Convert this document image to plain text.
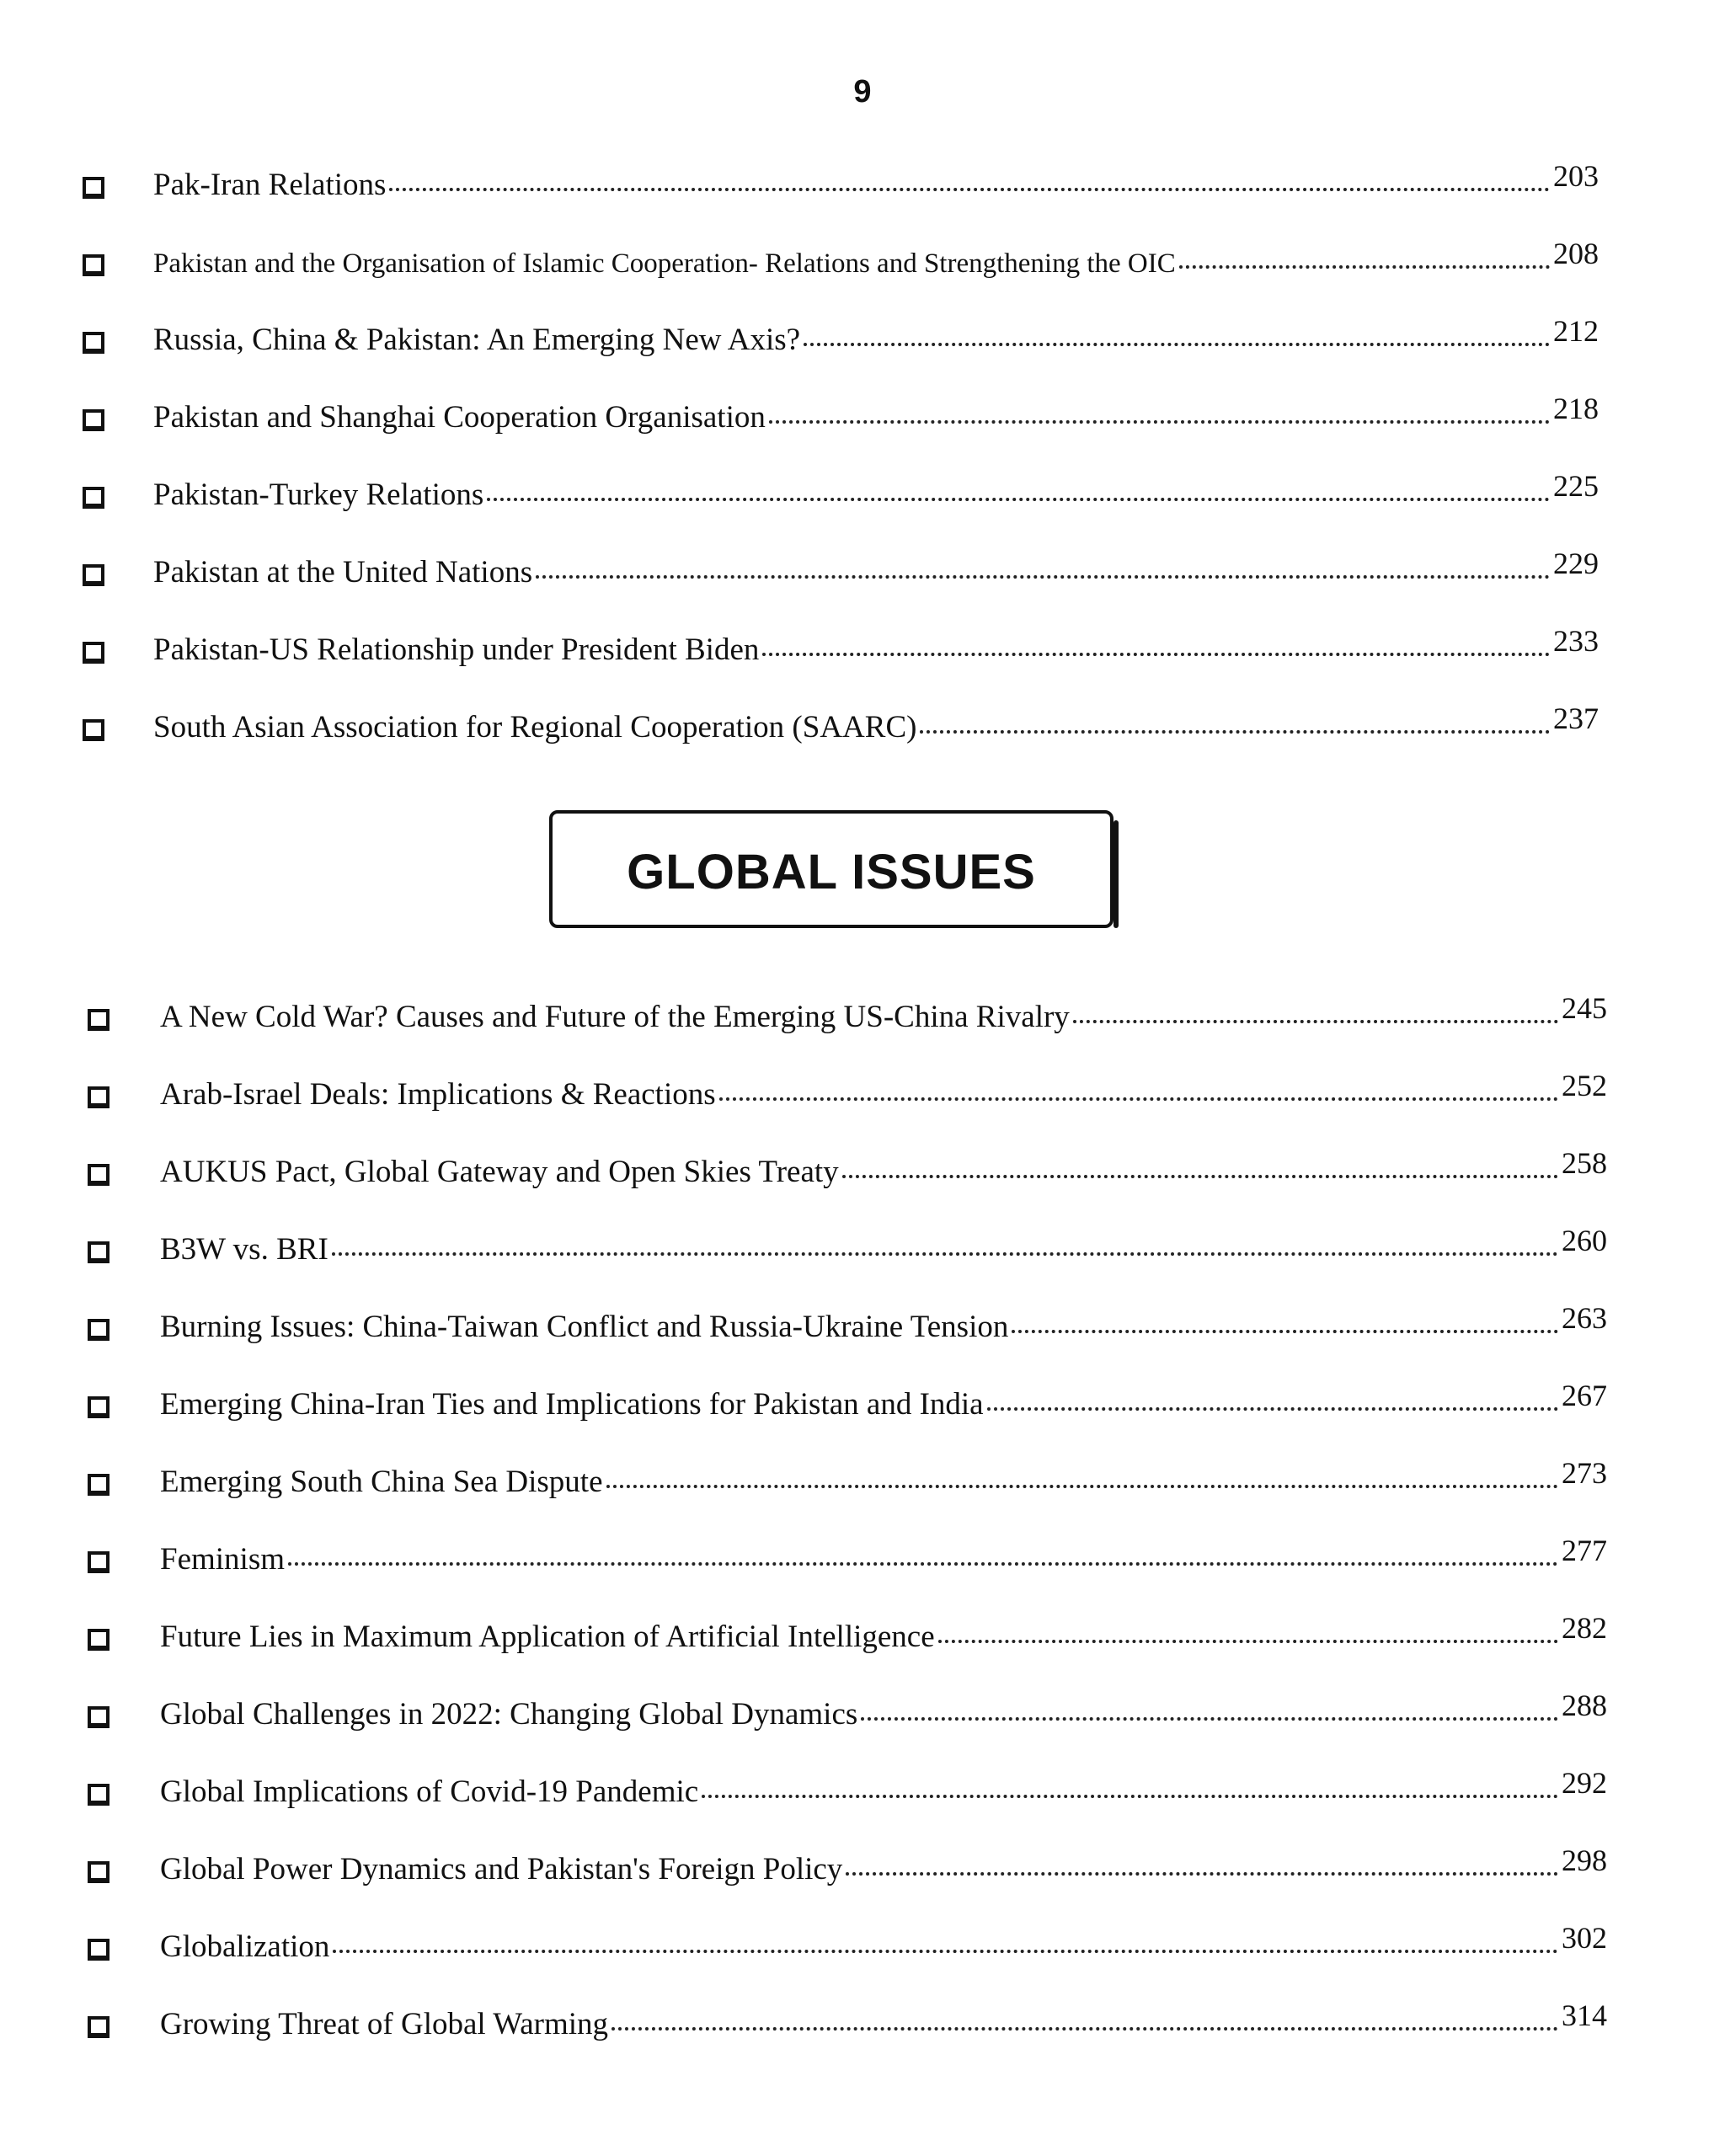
9
Pak-Iran Relations	203
Pakistan and the Organisation of Islamic Cooperation- Relations and Strengthening the OIC	208
Russia, China & Pakistan: An Emerging New Axis?	212
Pakistan and Shanghai Cooperation Organisation	218
Pakistan-Turkey Relations	225
Pakistan at the United Nations	229
Pakistan-US Relationship under President Biden	233
South Asian Association for Regional Cooperation (SAARC)	237
GLOBAL ISSUES
A New Cold War? Causes and Future of the Emerging US-China Rivalry	245
Arab-Israel Deals: Implications & Reactions	252
AUKUS Pact, Global Gateway and Open Skies Treaty	258
B3W vs. BRI	260
Burning Issues: China-Taiwan Conflict and Russia-Ukraine Tension	263
Emerging China-Iran Ties and Implications for Pakistan and India	267
Emerging South China Sea Dispute	273
Feminism	277
Future Lies in Maximum Application of Artificial Intelligence	282
Global Challenges in 2022: Changing Global Dynamics	288
Global Implications of Covid-19 Pandemic	292
Global Power Dynamics and Pakistan's Foreign Policy	298
Globalization	302
Growing Threat of Global Warming	314
